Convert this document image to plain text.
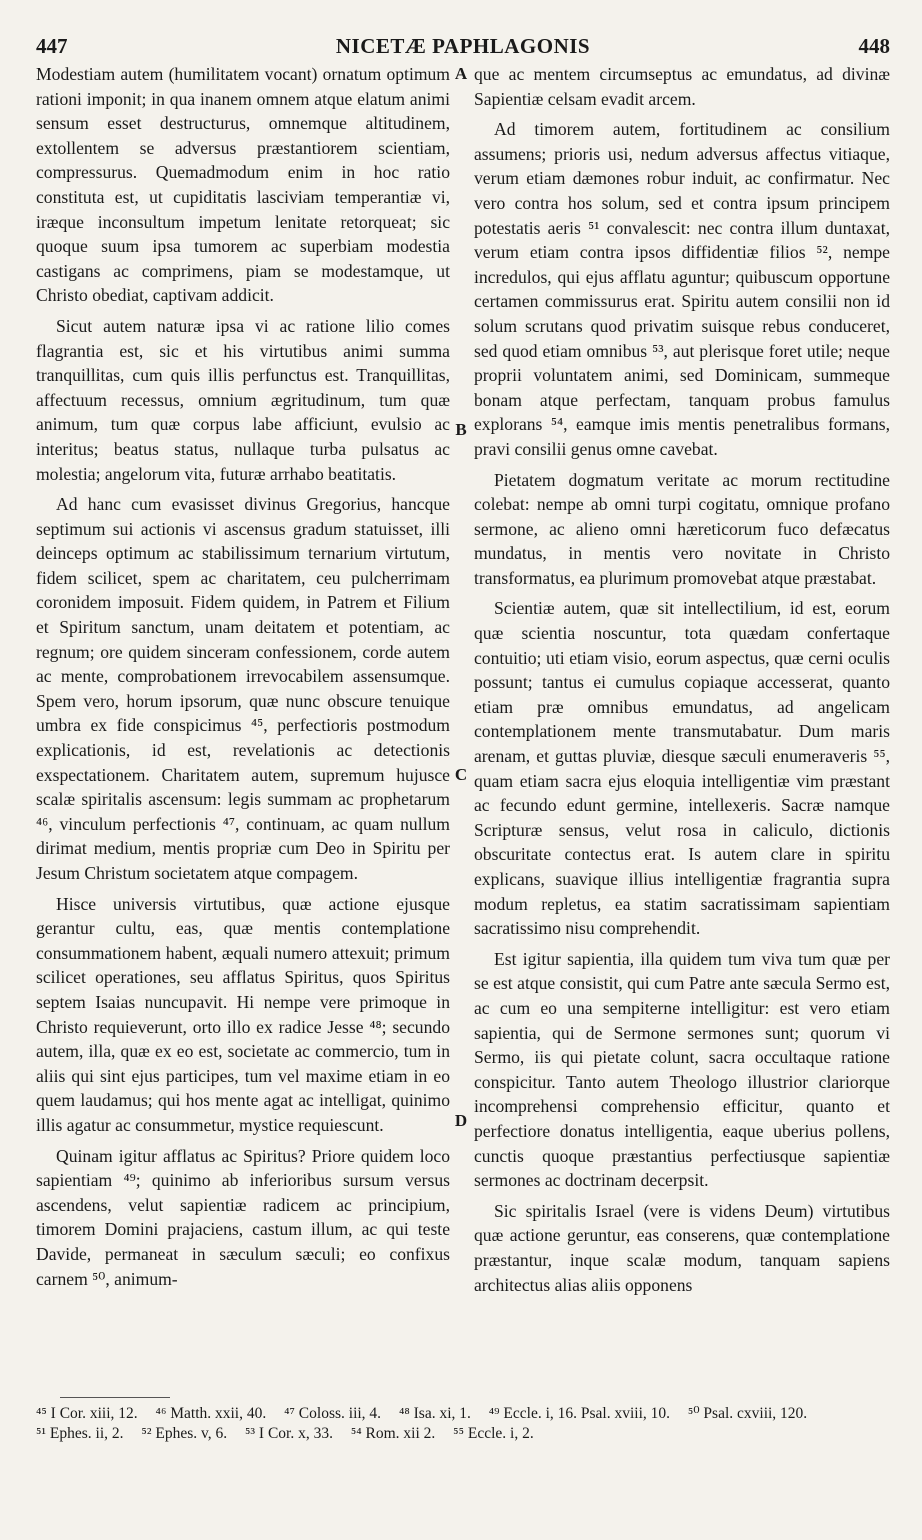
447	NICETÆ PAPHLAGONIS	448

Modestiam autem (humilitatem vocant) ornatum optimum rationi imponit; in qua inanem omnem atque elatum animi sensum esset destructurus, omnemque altitudinem, extollentem se adversus præstantiorem scientiam, compressurus. Quemadmodum enim in hoc ratio constituta est, ut cupiditatis lasciviam temperantiæ vi, iræque inconsultum impetum lenitate retorqueat; sic quoque suum ipsa tumorem ac superbiam modestia castigans ac comprimens, piam se modestamque, ut Christo obediat, captivam addicit.

Sicut autem naturæ ipsa vi ac ratione lilio comes flagrantia est, sic et his virtutibus animi summa tranquillitas, cum quis illis perfunctus est. Tranquillitas, affectuum recessus, omnium ægritudinum, tum quæ animum, tum quæ corpus labe afficiunt, evulsio ac interitus; beatus status, nullaque turba pulsatus ac molestia; angelorum vita, futuræ arrhabo beatitatis.

Ad hanc cum evasisset divinus Gregorius, hancque septimum sui actionis vi ascensus gradum statuisset, illi deinceps optimum ac stabilissimum ternarium virtutum, fidem scilicet, spem ac charitatem, ceu pulcherrimam coronidem imposuit. Fidem quidem, in Patrem et Filium et Spiritum sanctum, unam deitatem et potentiam, ac regnum; ore quidem sinceram confessionem, corde autem ac mente, comprobationem irrevocabilem assensumque. Spem vero, horum ipsorum, quæ nunc obscure tenuique umbra ex fide conspicimus ⁴⁵, perfectioris postmodum explicationis, id est, revelationis ac detectionis exspectationem. Charitatem autem, supremum hujusce scalæ spiritalis ascensum: legis summam ac prophetarum ⁴⁶, vinculum perfectionis ⁴⁷, continuam, ac quam nullum dirimat medium, mentis propriæ cum Deo in Spiritu per Jesum Christum societatem atque compagem.

Hisce universis virtutibus, quæ actione ejusque gerantur cultu, eas, quæ mentis contemplatione consummationem habent, æquali numero attexuit; primum scilicet operationes, seu afflatus Spiritus, quos Spiritus septem Isaias nuncupavit. Hi nempe vere primoque in Christo requieverunt, orto illo ex radice Jesse ⁴⁸; secundo autem, illa, quæ ex eo est, societate ac commercio, tum in aliis qui sint ejus participes, tum vel maxime etiam in eo quem laudamus; qui hos mente agat ac intelligat, quinimo illis agatur ac consummetur, mystice requiescunt.

Quinam igitur afflatus ac Spiritus? Priore quidem loco sapientiam ⁴⁹; quinimo ab inferioribus sursum versus ascendens, velut sapientiæ radicem ac principium, timorem Domini prajaciens, castum illum, ac qui teste Davide, permaneat in sæculum sæculi; eo confixus carnem ⁵⁰, animum-

A
B
C
D

que ac mentem circumseptus ac emundatus, ad divinæ Sapientiæ celsam evadit arcem.

Ad timorem autem, fortitudinem ac consilium assumens; prioris usi, nedum adversus affectus vitiaque, verum etiam dæmones robur induit, ac confirmatur. Nec vero contra hos solum, sed et contra ipsum principem potestatis aeris ⁵¹ convalescit: nec contra illum duntaxat, verum etiam contra ipsos diffidentiæ filios ⁵², nempe incredulos, qui ejus afflatu aguntur; quibuscum opportune certamen commissurus erat. Spiritu autem consilii non id solum scrutans quod privatim suisque rebus conduceret, sed quod etiam omnibus ⁵³, aut plerisque foret utile; neque proprii voluntatem animi, sed Dominicam, summeque bonam atque perfectam, tanquam probus famulus explorans ⁵⁴, eamque imis mentis penetralibus formans, pravi consilii genus omne cavebat.

Pietatem dogmatum veritate ac morum rectitudine colebat: nempe ab omni turpi cogitatu, omnique profano sermone, ac alieno omni hæreticorum fuco defæcatus mundatus, in mentis vero novitate in Christo transformatus, ea plurimum promovebat atque præstabat.

Scientiæ autem, quæ sit intellectilium, id est, eorum quæ scientia noscuntur, tota quædam confertaque contuitio; uti etiam visio, eorum aspectus, quæ cerni oculis possunt; tantus ei cumulus copiaque accesserat, quanto etiam præ omnibus emundatus, ad angelicam contemplationem mente transmutabatur. Dum maris arenam, et guttas pluviæ, diesque sæculi enumeraveris ⁵⁵, quam etiam sacra ejus eloquia intelligentiæ vim præstant ac fecundo edunt germine, intellexeris. Sacræ namque Scripturæ sensus, velut rosa in caliculo, dictionis obscuritate contectus erat. Is autem clare in spiritu explicans, suavique illius intelligentiæ fragrantia supra modum repletus, ea statim sacratissimam sapientiam sacratissimo nisu comprehendit.

Est igitur sapientia, illa quidem tum viva tum quæ per se est atque consistit, qui cum Patre ante sæcula Sermo est, ac cum eo una sempiterne intelligitur: est vero etiam sapientia, qui de Sermone sermones sunt; quorum vi Sermo, iis qui pietate colunt, sacra occultaque ratione conspicitur. Tanto autem Theologo illustrior clariorque incomprehensi comprehensio efficitur, quanto et perfectiore donatus intelligentia, eaque uberius pollens, cunctis quoque præstantius perfectiusque sapientiæ sermones ac doctrinam decerpsit.

Sic spiritalis Israel (vere is videns Deum) virtutibus quæ actione geruntur, eas conserens, quæ contemplatione præstantur, inque scalæ modum, tanquam sapiens architectus alias aliis opponens

⁴⁵ I Cor. xiii, 12. ⁴⁶ Matth. xxii, 40. ⁴⁷ Coloss. iii, 4. ⁴⁸ Isa. xi, 1. ⁴⁹ Eccle. i, 16. Psal. xviii, 10. ⁵⁰ Psal. cxviii, 120. ⁵¹ Ephes. ii, 2. ⁵² Ephes. v, 6. ⁵³ I Cor. x, 33. ⁵⁴ Rom. xii 2. ⁵⁵ Eccle. i, 2.
